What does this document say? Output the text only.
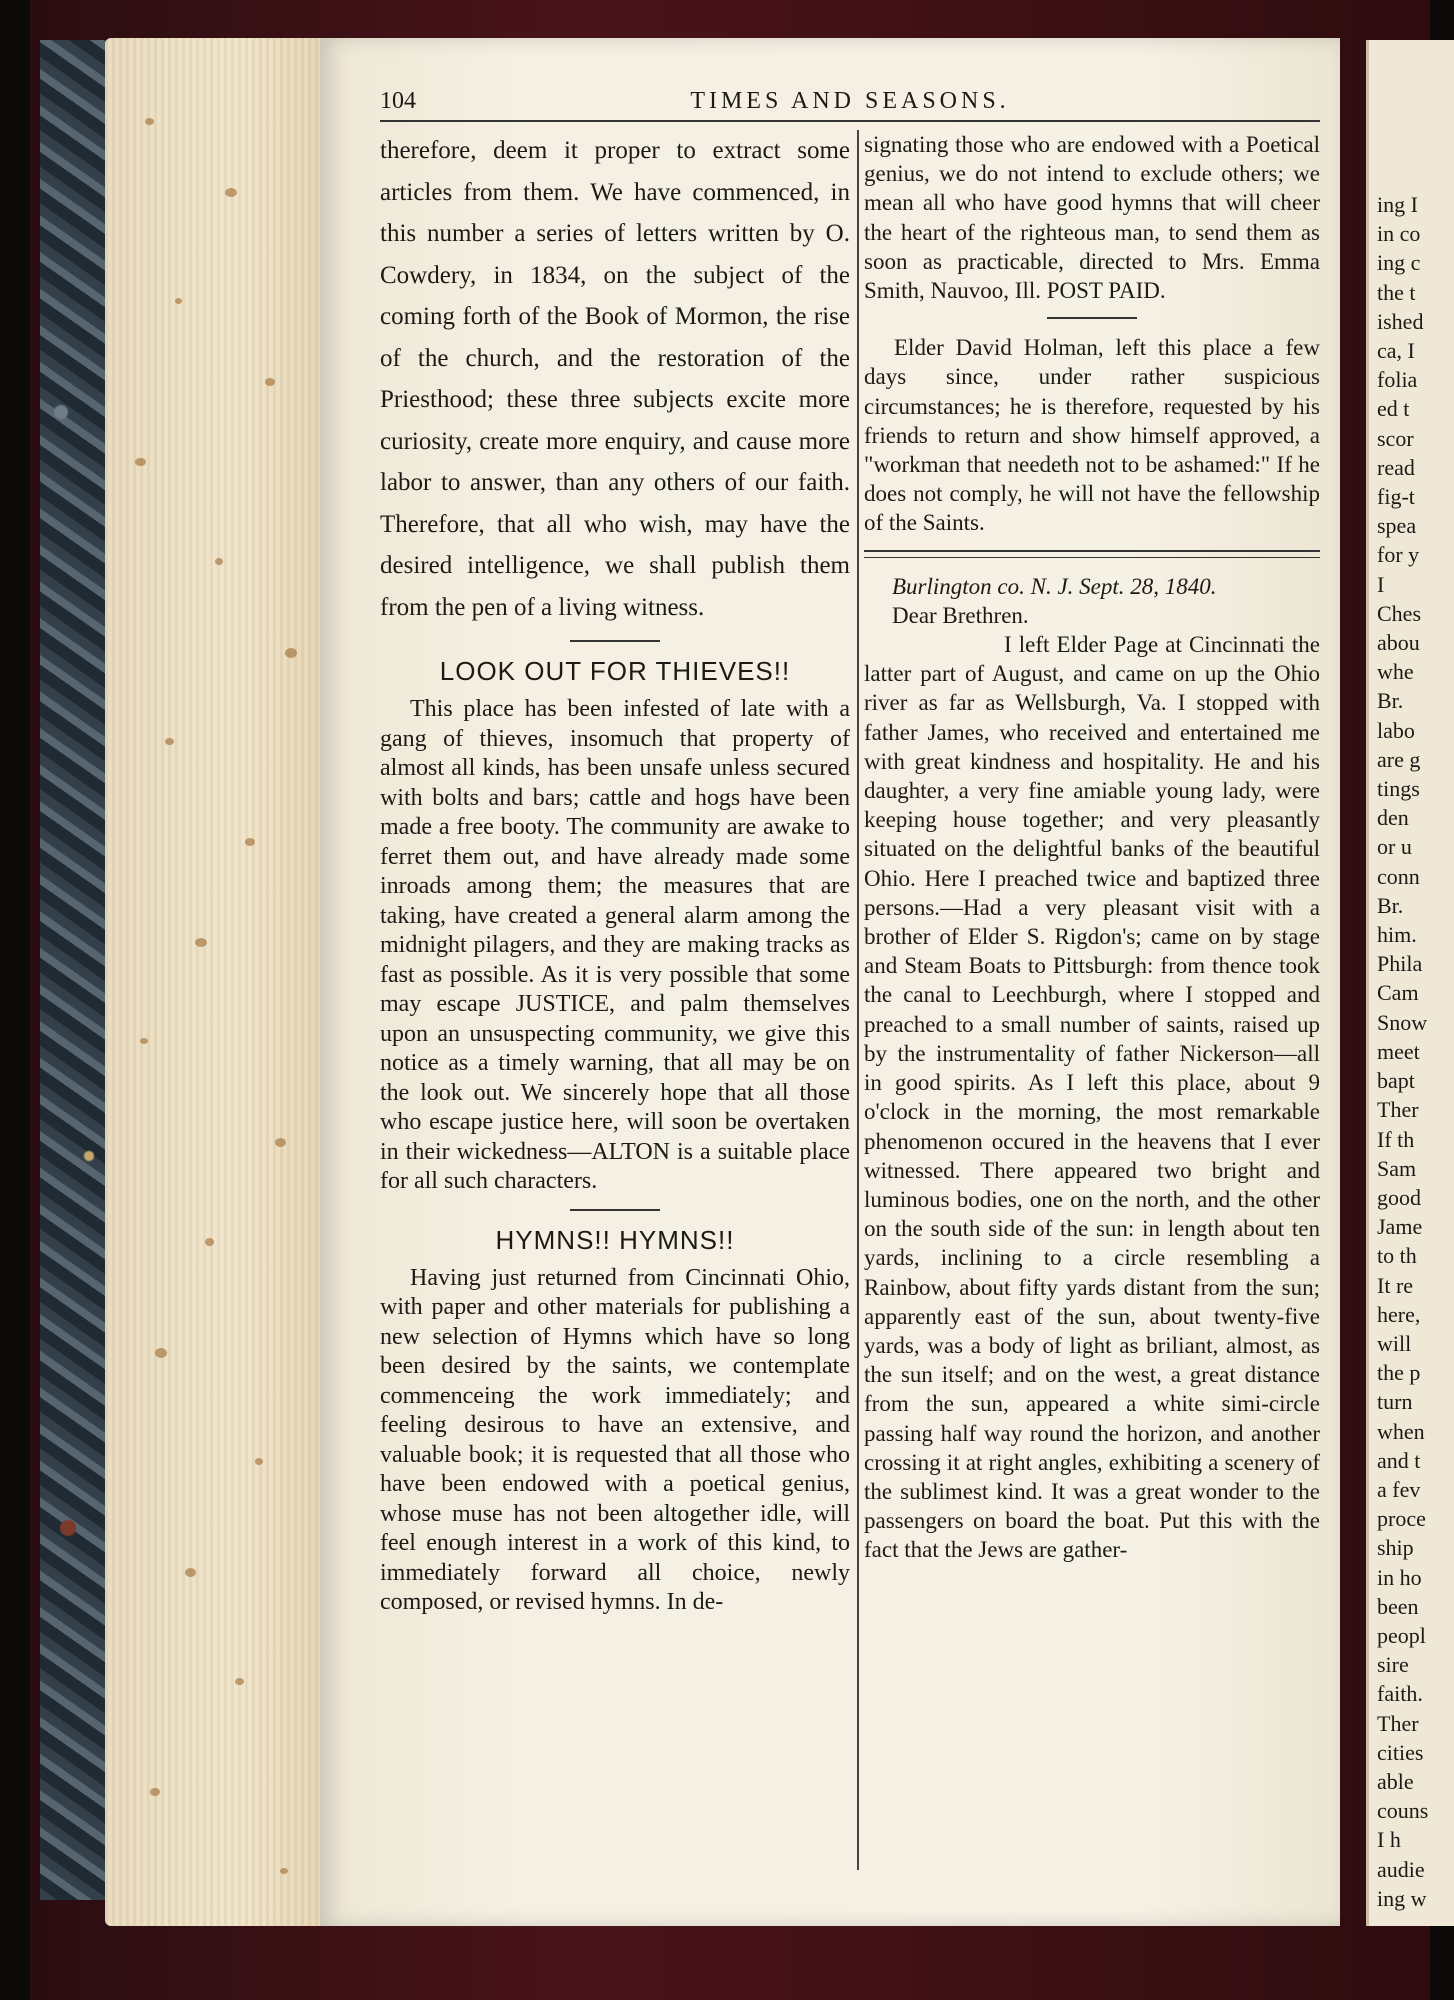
104	TIMES AND SEASONS.

therefore, deem it proper to extract some articles from them. We have commenced, in this number a series of letters written by O. Cowdery, in 1834, on the subject of the coming forth of the Book of Mormon, the rise of the church, and the restoration of the Priesthood; these three subjects excite more curiosity, create more enquiry, and cause more labor to answer, than any others of our faith. Therefore, that all who wish, may have the desired intelligence, we shall publish them from the pen of a living witness.

LOOK OUT FOR THIEVES!!

This place has been infested of late with a gang of thieves, insomuch that property of almost all kinds, has been unsafe unless secured with bolts and bars; cattle and hogs have been made a free booty. The community are awake to ferret them out, and have already made some inroads among them; the measures that are taking, have created a general alarm among the midnight pilagers, and they are making tracks as fast as possible. As it is very possible that some may escape JUSTICE, and palm themselves upon an unsuspecting community, we give this notice as a timely warning, that all may be on the look out. We sincerely hope that all those who escape justice here, will soon be overtaken in their wickedness—ALTON is a suitable place for all such characters.

HYMNS!! HYMNS!!

Having just returned from Cincinnati Ohio, with paper and other materials for publishing a new selection of Hymns which have so long been desired by the saints, we contemplate commenceing the work immediately; and feeling desirous to have an extensive, and valuable book; it is requested that all those who have been endowed with a poetical genius, whose muse has not been altogether idle, will feel enough interest in a work of this kind, to immediately forward all choice, newly composed, or revised hymns. In de-

signating those who are endowed with a Poetical genius, we do not intend to exclude others; we mean all who have good hymns that will cheer the heart of the righteous man, to send them as soon as practicable, directed to Mrs. Emma Smith, Nauvoo, Ill. POST PAID.

Elder David Holman, left this place a few days since, under rather suspicious circumstances; he is therefore, requested by his friends to return and show himself approved, a "workman that needeth not to be ashamed:" If he does not comply, he will not have the fellowship of the Saints.

Burlington co. N. J. Sept. 28, 1840.

Dear Brethren.

I left Elder Page at Cincinnati the latter part of August, and came on up the Ohio river as far as Wellsburgh, Va. I stopped with father James, who received and entertained me with great kindness and hospitality. He and his daughter, a very fine amiable young lady, were keeping house together; and very pleasantly situated on the delightful banks of the beautiful Ohio. Here I preached twice and baptized three persons.—Had a very pleasant visit with a brother of Elder S. Rigdon's; came on by stage and Steam Boats to Pittsburgh: from thence took the canal to Leechburgh, where I stopped and preached to a small number of saints, raised up by the instrumentality of father Nickerson—all in good spirits. As I left this place, about 9 o'clock in the morning, the most remarkable phenomenon occured in the heavens that I ever witnessed. There appeared two bright and luminous bodies, one on the north, and the other on the south side of the sun: in length about ten yards, inclining to a circle resembling a Rainbow, about fifty yards distant from the sun; apparently east of the sun, about twenty-five yards, was a body of light as briliant, almost, as the sun itself; and on the west, a great distance from the sun, appeared a white simi-circle passing half way round the horizon, and another crossing it at right angles, exhibiting a scenery of the sublimest kind. It was a great wonder to the passengers on board the boat. Put this with the fact that the Jews are gather-

ing I
in co
ing c
the t
ished
ca, I
folia
ed t
scor
read
fig-t
spea
for y
I
Ches
abou
whe
Br.
labo
are g
tings
den
or u
conn
Br.
him.
Phila
Cam
Snow
meet
bapt
Ther
If th
Sam
good
Jame
to th
It re
here,
will
the p
turn
when
and t
a fev
proce
ship
in ho
been
peopl
sire
faith.
Ther
cities
able
couns
I h
audie
ing w
